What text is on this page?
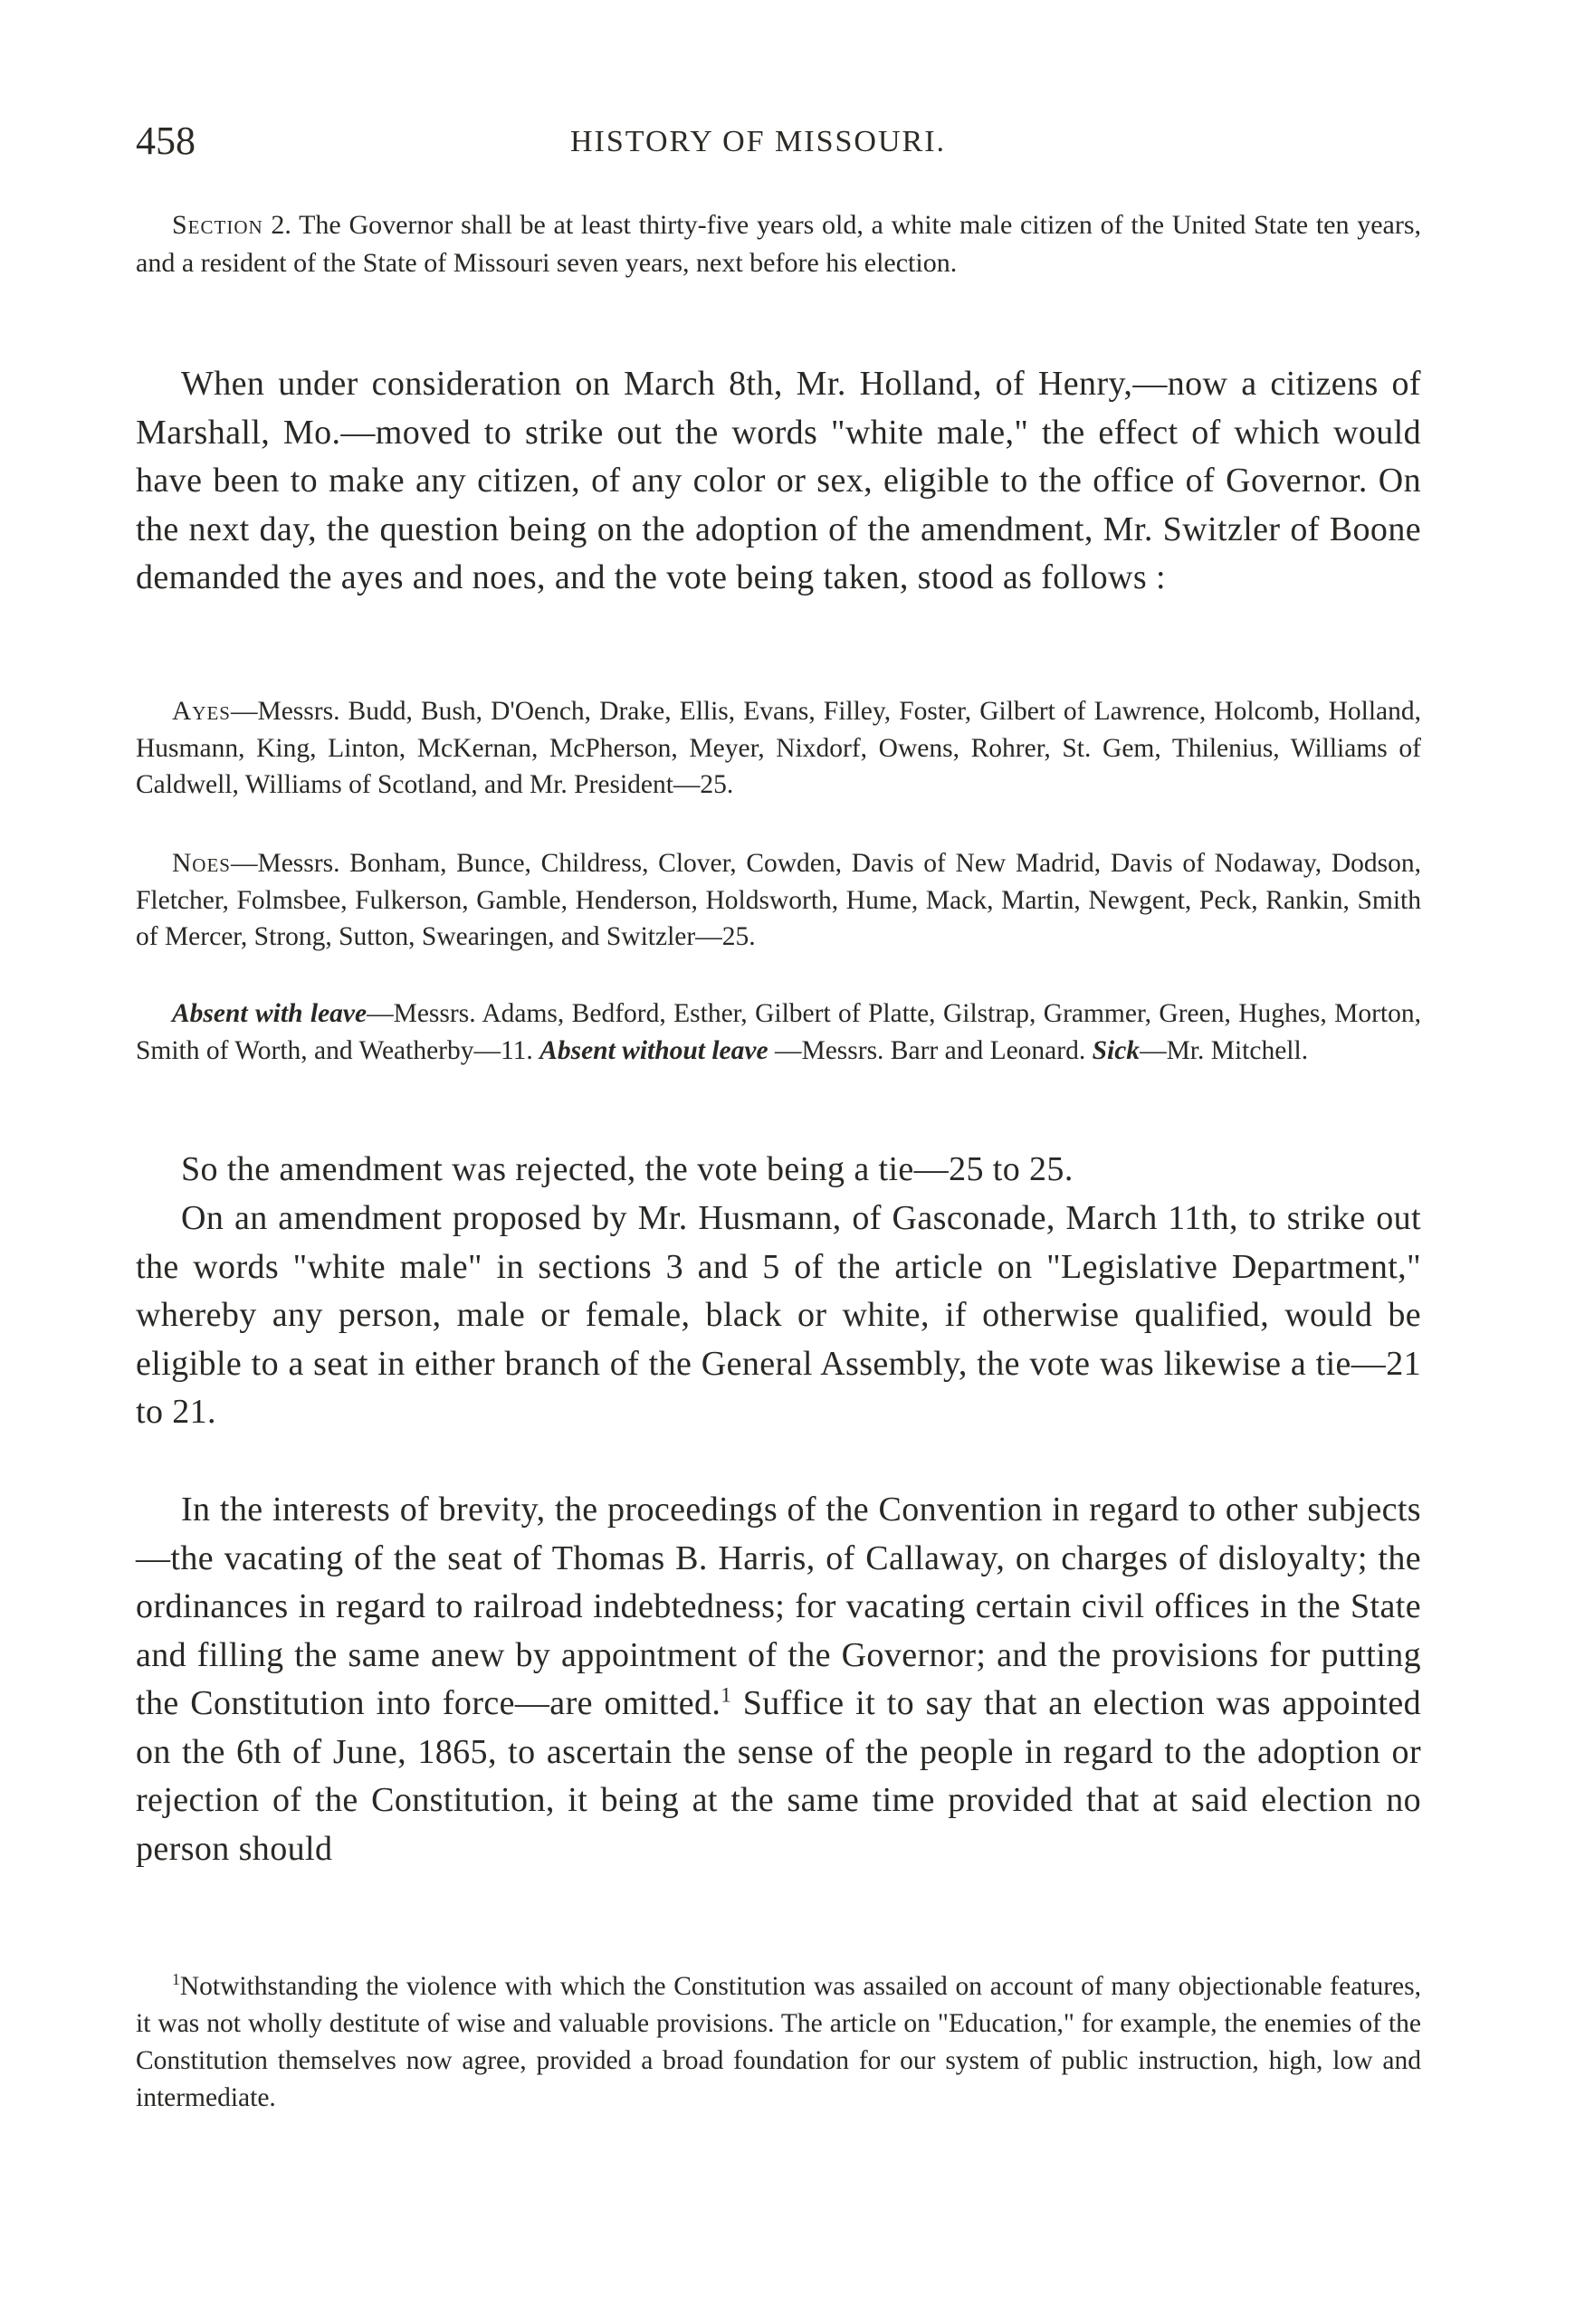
458	HISTORY OF MISSOURI.

Section 2. The Governor shall be at least thirty-five years old, a white male citizen of the United State ten years, and a resident of the State of Missouri seven years, next before his election.

When under consideration on March 8th, Mr. Holland, of Henry,—now a citizens of Marshall, Mo.—moved to strike out the words "white male," the effect of which would have been to make any citizen, of any color or sex, eligible to the office of Governor. On the next day, the question being on the adoption of the amendment, Mr. Switzler of Boone demanded the ayes and noes, and the vote being taken, stood as follows :

Ayes—Messrs. Budd, Bush, D'Oench, Drake, Ellis, Evans, Filley, Foster, Gilbert of Lawrence, Holcomb, Holland, Husmann, King, Linton, McKernan, McPherson, Meyer, Nixdorf, Owens, Rohrer, St. Gem, Thilenius, Williams of Caldwell, Williams of Scotland, and Mr. President—25.

Noes—Messrs. Bonham, Bunce, Childress, Clover, Cowden, Davis of New Madrid, Davis of Nodaway, Dodson, Fletcher, Folmsbee, Fulkerson, Gamble, Henderson, Holdsworth, Hume, Mack, Martin, Newgent, Peck, Rankin, Smith of Mercer, Strong, Sutton, Swearingen, and Switzler—25.

Absent with leave—Messrs. Adams, Bedford, Esther, Gilbert of Platte, Gilstrap, Grammer, Green, Hughes, Morton, Smith of Worth, and Weatherby—11. Absent without leave —Messrs. Barr and Leonard. Sick—Mr. Mitchell.

So the amendment was rejected, the vote being a tie—25 to 25.

On an amendment proposed by Mr. Husmann, of Gasconade, March 11th, to strike out the words "white male" in sections 3 and 5 of the article on "Legislative Department," whereby any person, male or female, black or white, if otherwise qualified, would be eligible to a seat in either branch of the General Assembly, the vote was likewise a tie—21 to 21.

In the interests of brevity, the proceedings of the Convention in regard to other subjects—the vacating of the seat of Thomas B. Harris, of Callaway, on charges of disloyalty; the ordinances in regard to railroad indebtedness; for vacating certain civil offices in the State and filling the same anew by appointment of the Governor; and the provisions for putting the Constitution into force—are omitted.$^1$ Suffice it to say that an election was appointed on the 6th of June, 1865, to ascertain the sense of the people in regard to the adoption or rejection of the Constitution, it being at the same time provided that at said election no person should

$^1$Notwithstanding the violence with which the Constitution was assailed on account of many objectionable features, it was not wholly destitute of wise and valuable provisions. The article on "Education," for example, the enemies of the Constitution themselves now agree, provided a broad foundation for our system of public instruction, high, low and intermediate.
